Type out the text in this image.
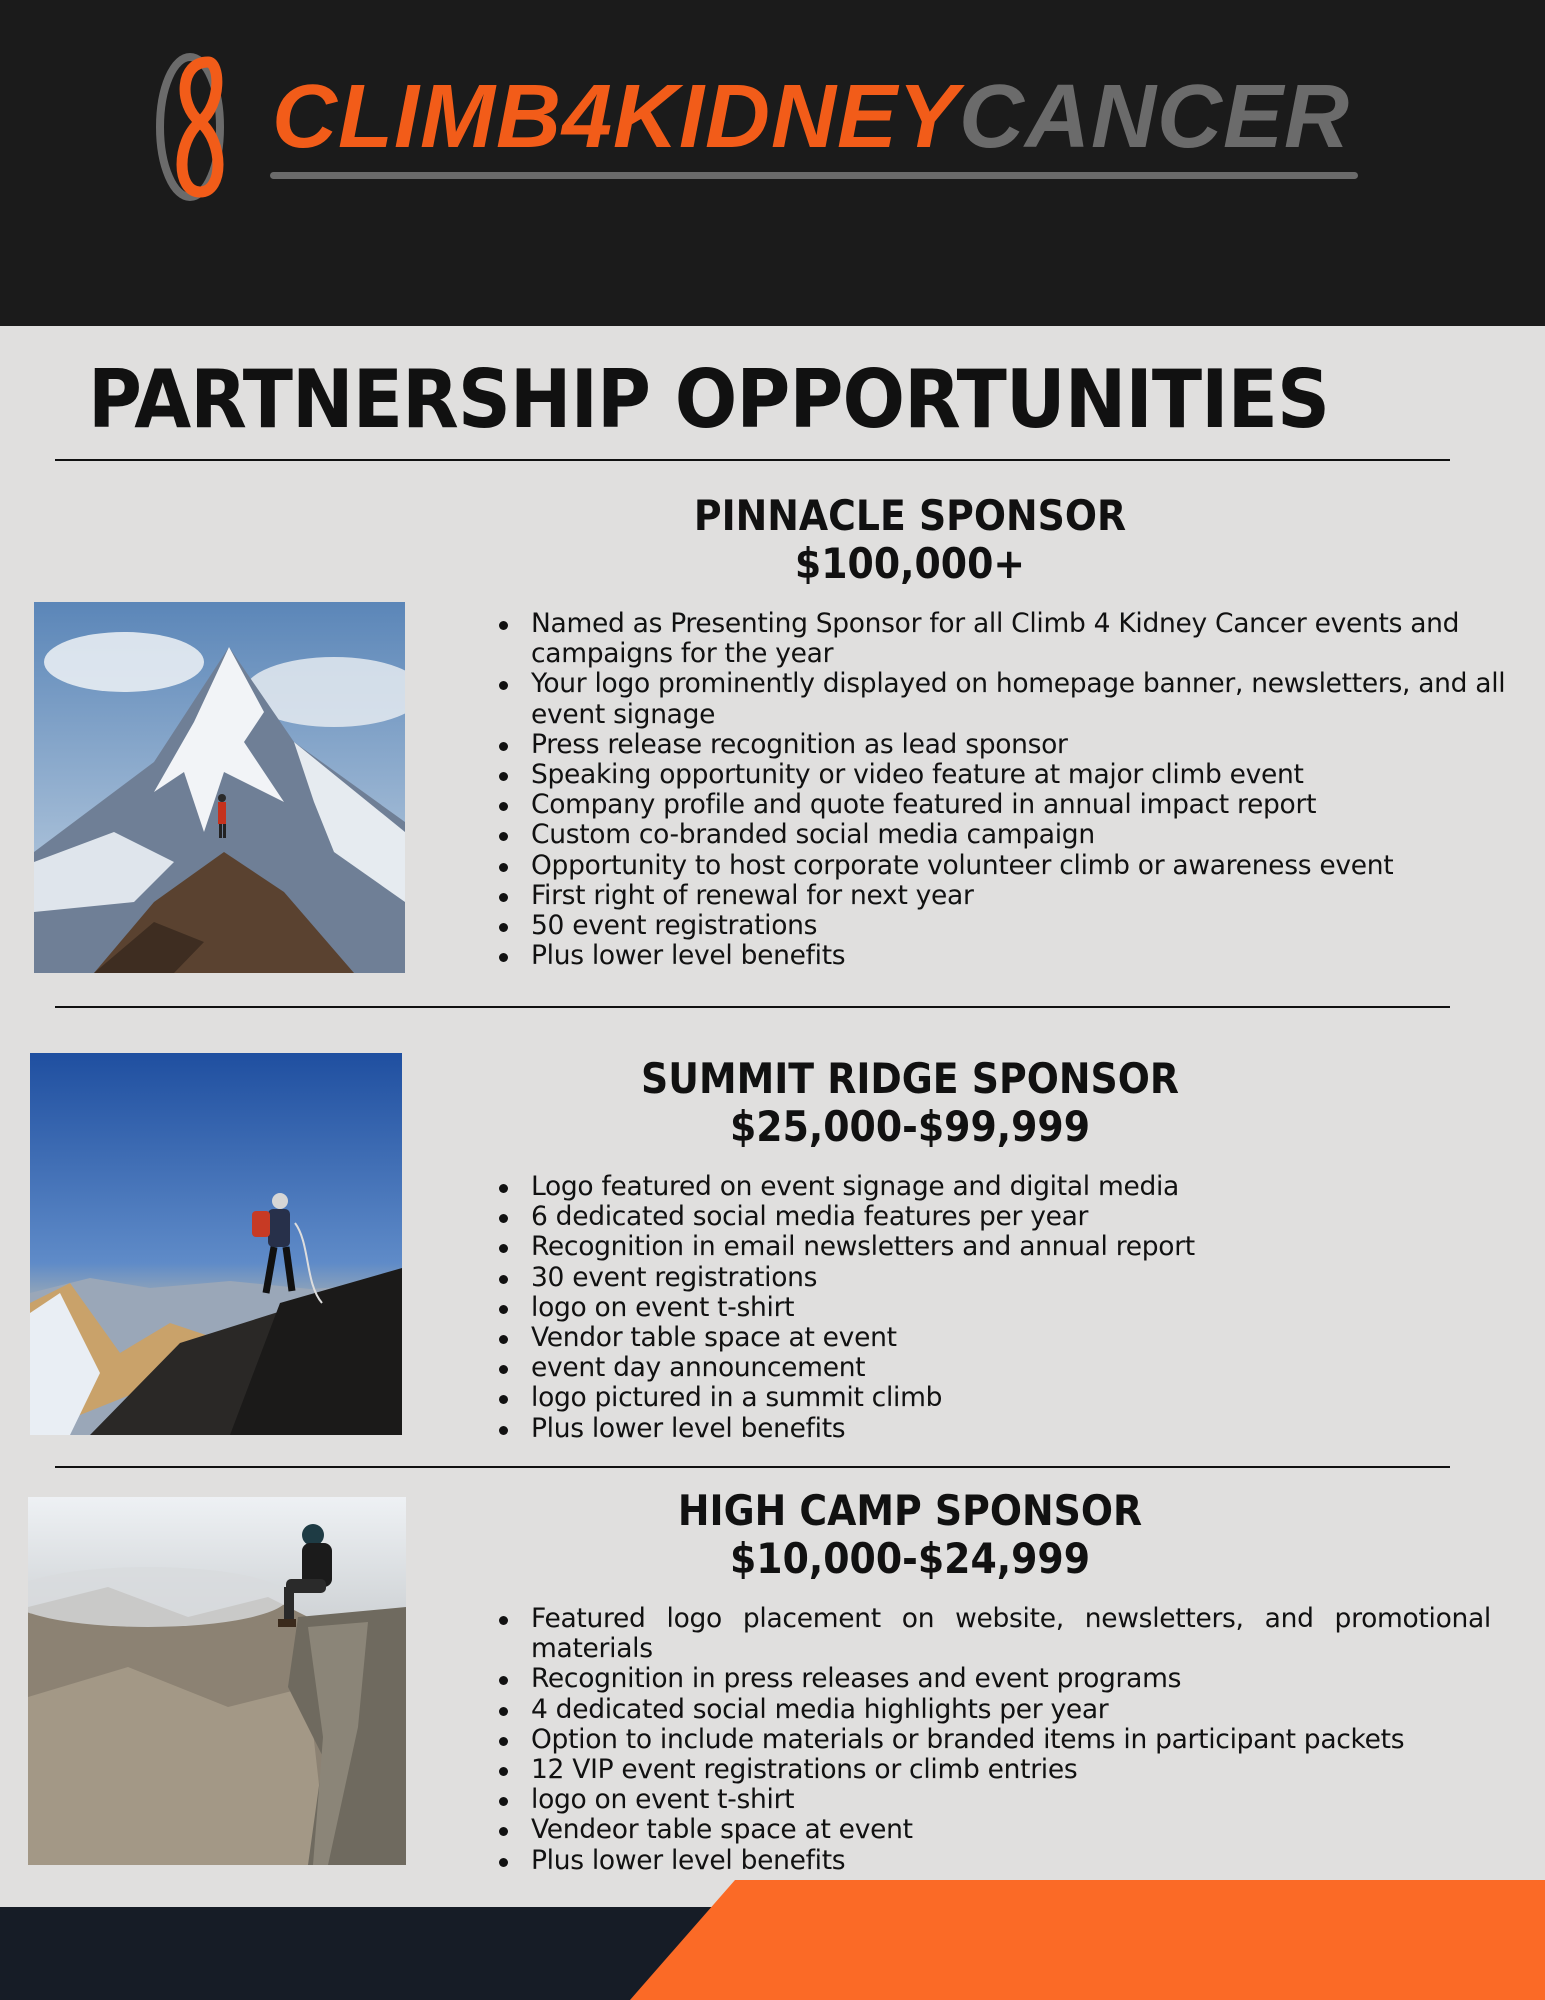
CLIMB4KIDNEYCANCER
PARTNERSHIP OPPORTUNITIES
PINNACLE SPONSOR
$100,000+
Named as Presenting Sponsor for all Climb 4 Kidney Cancer events and campaigns for the year
Your logo prominently displayed on homepage banner, newsletters, and all event signage
Press release recognition as lead sponsor
Speaking opportunity or video feature at major climb event
Company profile and quote featured in annual impact report
Custom co-branded social media campaign
Opportunity to host corporate volunteer climb or awareness event
First right of renewal for next year
50 event registrations
Plus lower level benefits
SUMMIT RIDGE SPONSOR
$25,000-$99,999
Logo featured on event signage and digital media
6 dedicated social media features per year
Recognition in email newsletters and annual report
30 event registrations
logo on event t-shirt
Vendor table space at event
event day announcement
logo pictured in a summit climb
Plus lower level benefits
HIGH CAMP SPONSOR
$10,000-$24,999
Featured logo placement on website, newsletters, and promotional materials
Recognition in press releases and event programs
4 dedicated social media highlights per year
Option to include materials or branded items in participant packets
12 VIP event registrations or climb entries
logo on event t-shirt
Vendeor table space at event
Plus lower level benefits
